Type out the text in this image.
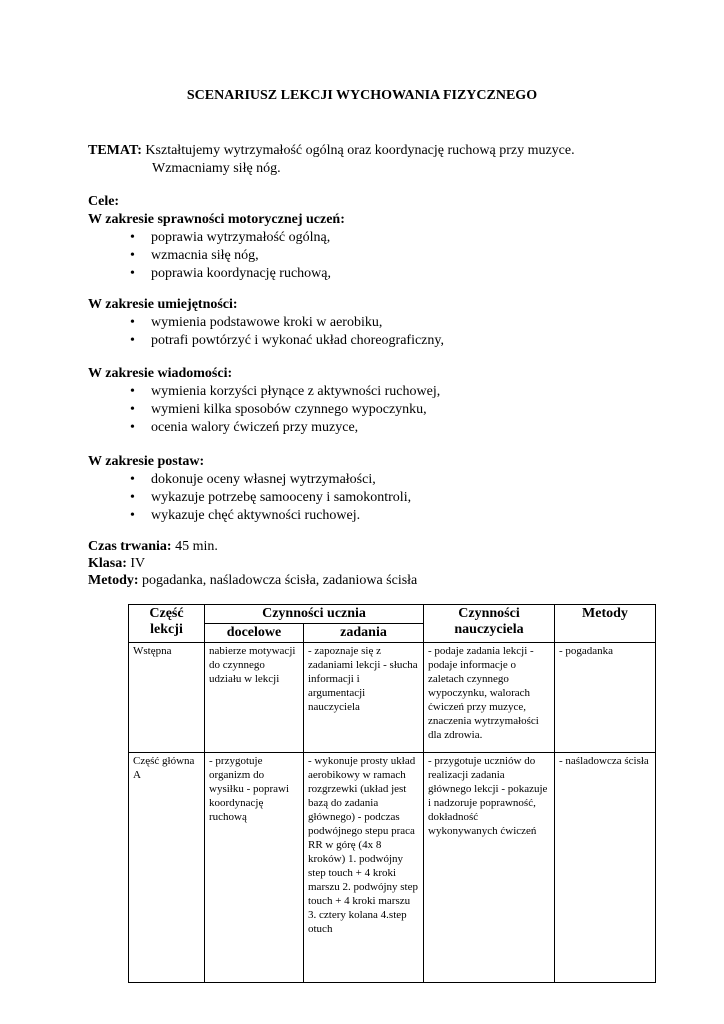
SCENARIUSZ LEKCJI WYCHOWANIA FIZYCZNEGO
TEMAT: Kształtujemy wytrzymałość ogólną oraz koordynację ruchową przy muzyce.
Wzmacniamy siłę nóg.
Cele:
W zakresie sprawności motorycznej uczeń:
• poprawia wytrzymałość ogólną,
• wzmacnia siłę nóg,
• poprawia koordynację ruchową,
W zakresie umiejętności:
• wymienia podstawowe kroki w aerobiku,
• potrafi powtórzyć i wykonać układ choreograficzny,
W zakresie wiadomości:
• wymienia korzyści płynące z aktywności ruchowej,
• wymieni kilka sposobów czynnego wypoczynku,
• ocenia walory ćwiczeń przy muzyce,
W zakresie postaw:
• dokonuje oceny własnej wytrzymałości,
• wykazuje potrzebę samooceny i samokontroli,
• wykazuje chęć aktywności ruchowej.
Czas trwania: 45 min.
Klasa: IV
Metody: pogadanka, naśladowcza ścisła, zadaniowa ścisła
Część lekcji	Czynności ucznia		Czynności nauczyciela	Metody
	docelowe	zadania		
Wstępna	nabierze motywacji do czynnego udziału w lekcji	- zapoznaje się z zadaniami lekcji - słucha informacji i argumentacji nauczyciela	- podaje zadania lekcji - podaje informacje o zaletach czynnego wypoczynku, walorach ćwiczeń przy muzyce, znaczenia wytrzymałości dla zdrowia.	- pogadanka
Część główna A	- przygotuje organizm do wysiłku - poprawi koordynację ruchową	- wykonuje prosty układ aerobikowy w ramach rozgrzewki (układ jest bazą do zadania głównego) - podczas podwójnego stepu praca RR w górę (4x 8 kroków) 1. podwójny step touch + 4 kroki marszu 2. podwójny step touch + 4 kroki marszu 3. cztery kolana 4.step otuch	- przygotuje uczniów do realizacji zadania głównego lekcji - pokazuje i nadzoruje poprawność, dokładność wykonywanych ćwiczeń	- naśladowcza ścisła
